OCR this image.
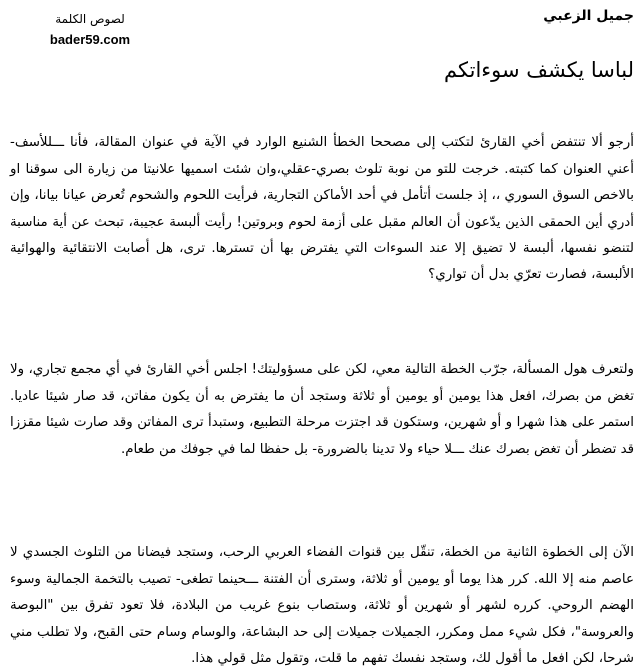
جميل الزعبي
لصوص الكلمة
bader59.com
لباسا يكشف سوءاتكم

أرجو ألا تنتفض أخي القارئ لتكتب إلى مصححا الخطأ الشنيع الوارد في الآية في عنوان المقالة، فأنا ـــللأسف- أعني العنوان كما كتبته. خرجت للتو من نوبة تلوث بصري-عقلي،وان شئت اسميها علانيتا من زيارة الى سوقنا او بالاخص السوق السوري ،، إذ جلست أتأمل في أحد الأماكن التجارية، فرأيت اللحوم والشحوم تُعرض عيانا بيانا، وإن أدري أين الحمقى الذين يدّعون أن العالم مقبل على أزمة لحوم وبروتين! رأيت ألبسة عجيبة، تبحث عن أية مناسبة لتنضو نفسها، ألبسة لا تضيق إلا عند السوءات التي يفترض بها أن تسترها. ترى، هل أصابت الانتقائية والهوائية الألبسة، فصارت تعرّي بدل أن تواري؟

ولتعرف هول المسألة، جرّب الخطة التالية معي، لكن على مسؤوليتك! اجلس أخي القارئ في أي مجمع تجاري، ولا تغض من بصرك، افعل هذا يومين أو يومين أو ثلاثة وستجد أن ما يفترض به أن يكون مفاتن، قد صار شيئا عاديا. استمر على هذا شهرا و أو شهرين، وستكون قد اجتزت مرحلة التطبيع، وستبدأ ترى المفاتن وقد صارت شيئا مقززا قد تضطر أن تغض بصرك عنك ـــلا حياء ولا تدينا بالضرورة- بل حفظا لما في جوفك من طعام.

الآن إلى الخطوة الثانية من الخطة، تنقّل بين قنوات الفضاء العربي الرحب، وستجد فيضانا من التلوث الجسدي لا عاصم منه إلا الله. كرر هذا يوما أو يومين أو ثلاثة، وسترى أن الفتنة ـــحينما تطغى- تصيب بالتخمة الجمالية وسوء الهضم الروحي. كرره لشهر أو شهرين أو ثلاثة، وستصاب بنوع غريب من البلادة، فلا تعود تفرق بين "البوصة والعروسة"، فكل شيء ممل ومكرر، الجميلات جميلات إلى حد البشاعة، والوسام وسام حتى القبح، ولا تطلب مني شرحا، لكن افعل ما أقول لك، وستجد نفسك تفهم ما قلت، وتقول مثل قولي هذا.
